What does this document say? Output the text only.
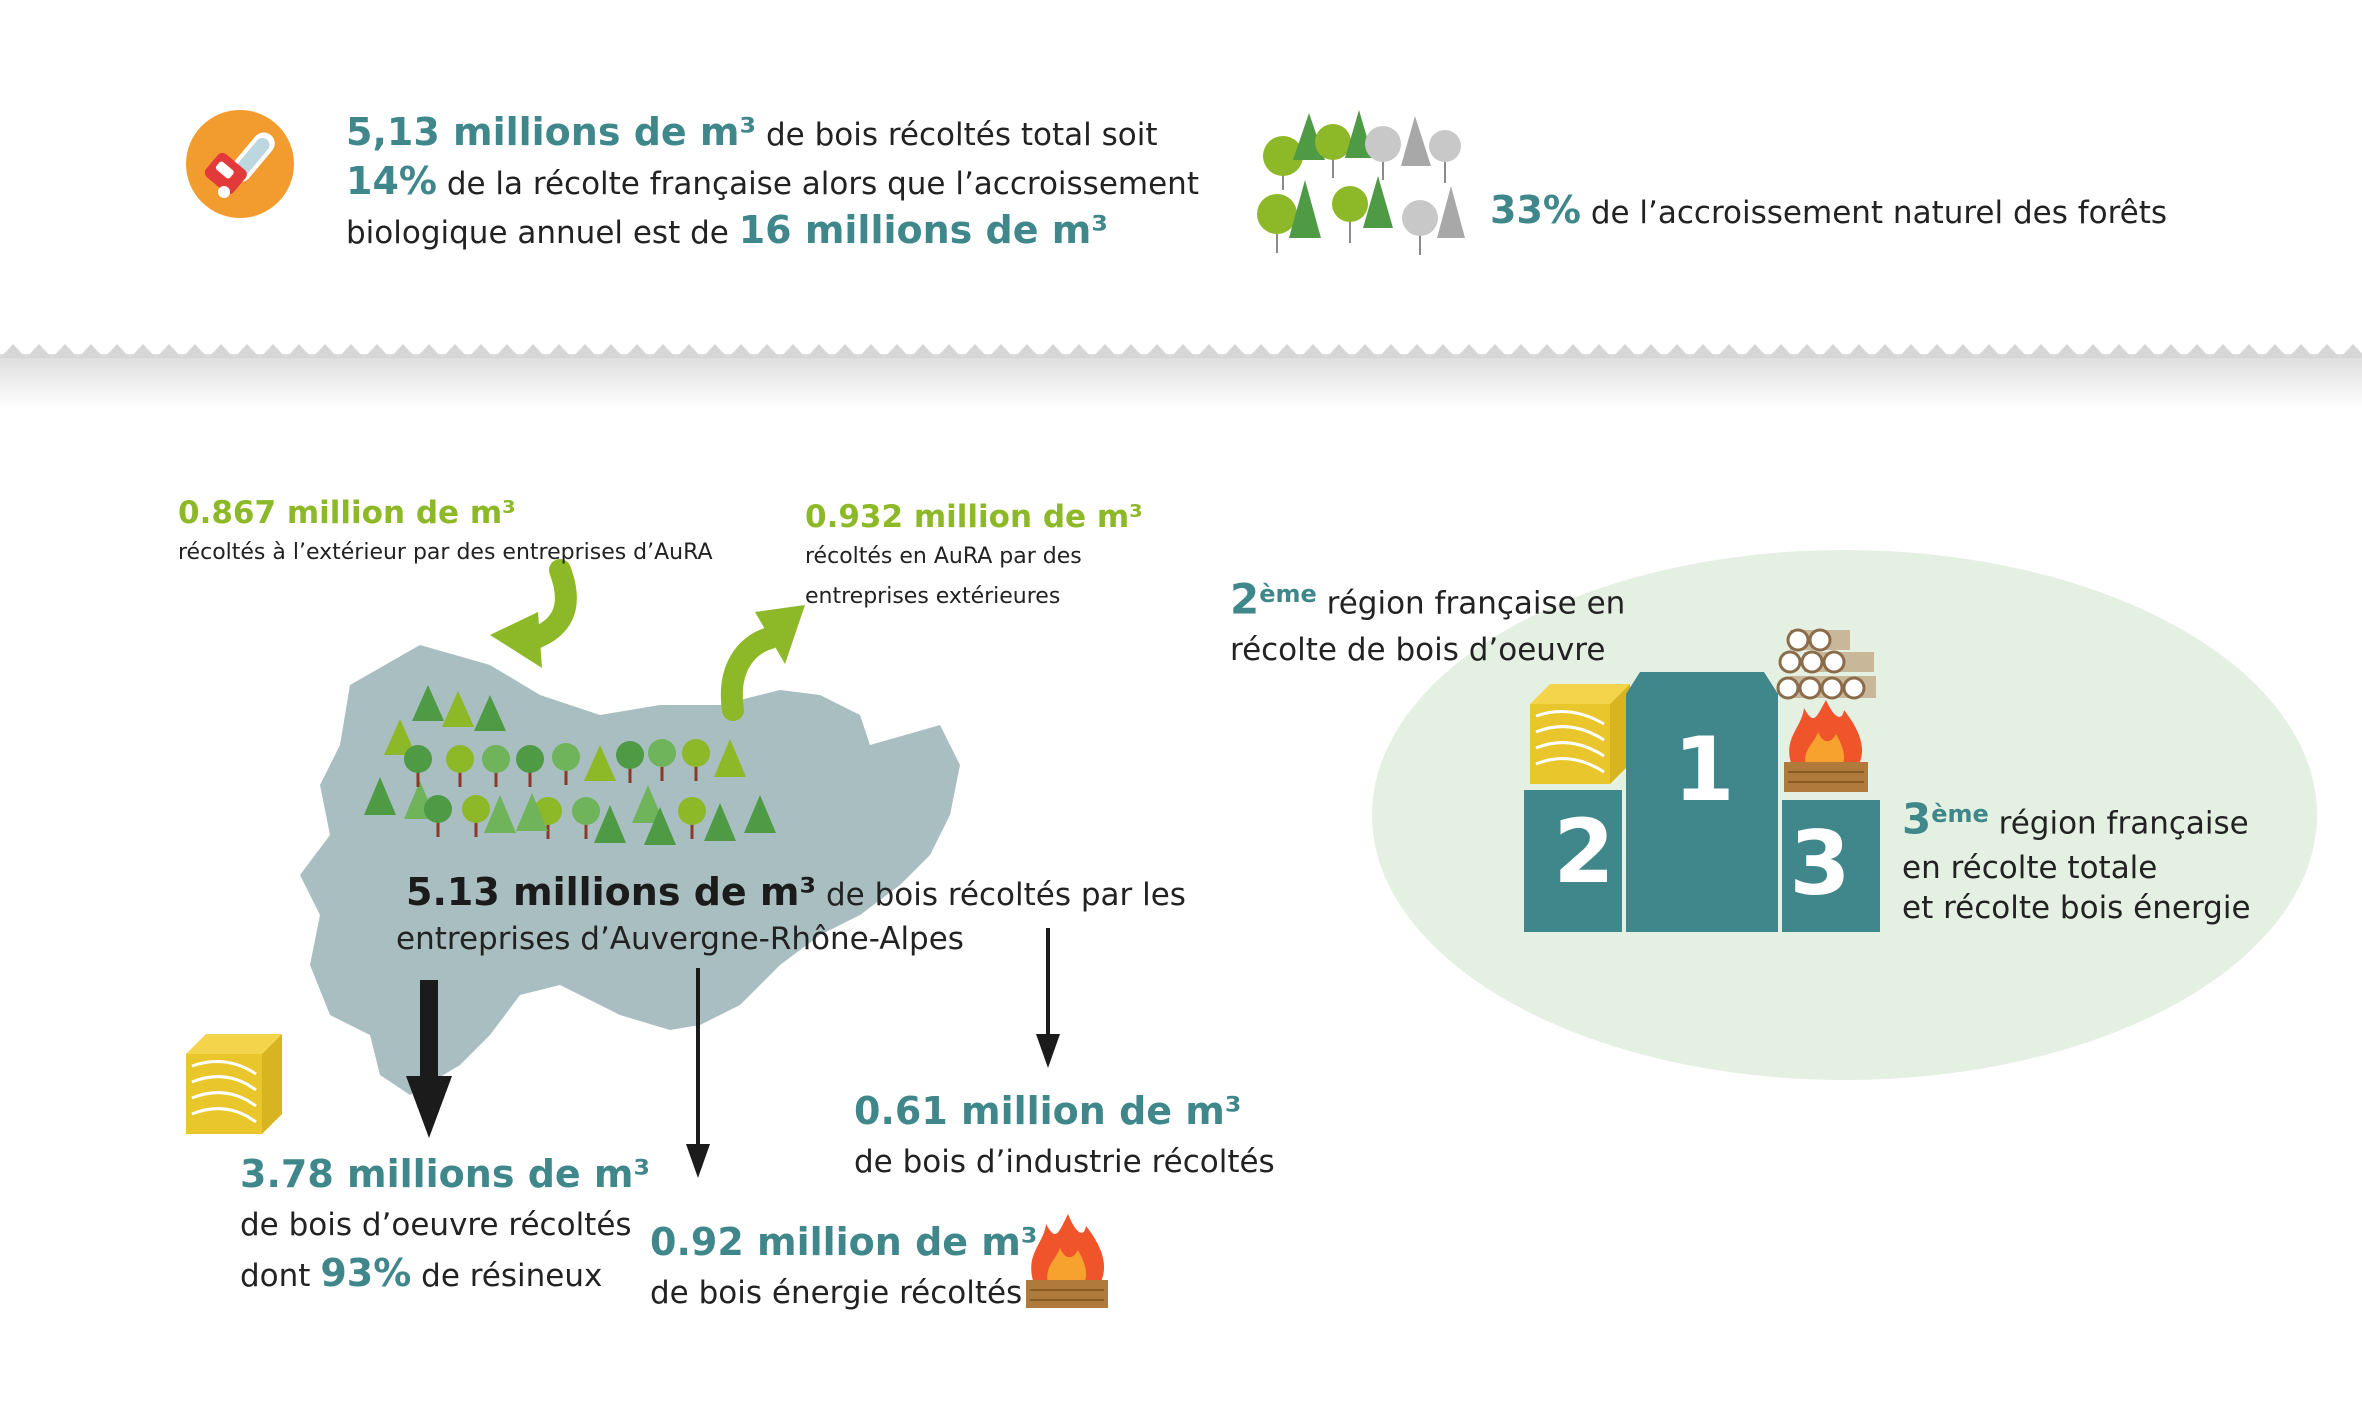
5,13 millions de m³ de bois récoltés total soit
14% de la récolte française alors que l’accroissement
biologique annuel est de 16 millions de m³	33% de l’accroissement naturel des forêts
0.867 million de m³
récoltés à l’extérieur par des entreprises d’AuRA
0.932 million de m³
récoltés en AuRA par des
entreprises extérieures
5.13 millions de m³ de bois récoltés par les
entreprises d’Auvergne-Rhône-Alpes
3.78 millions de m³
de bois d’oeuvre récoltés
dont 93% de résineux
0.92 million de m³
de bois énergie récoltés
0.61 million de m³
de bois d’industrie récoltés
2ème région française en
récolte de bois d’oeuvre
1
2 3 3ème région française
en récolte totale
et récolte bois énergie
